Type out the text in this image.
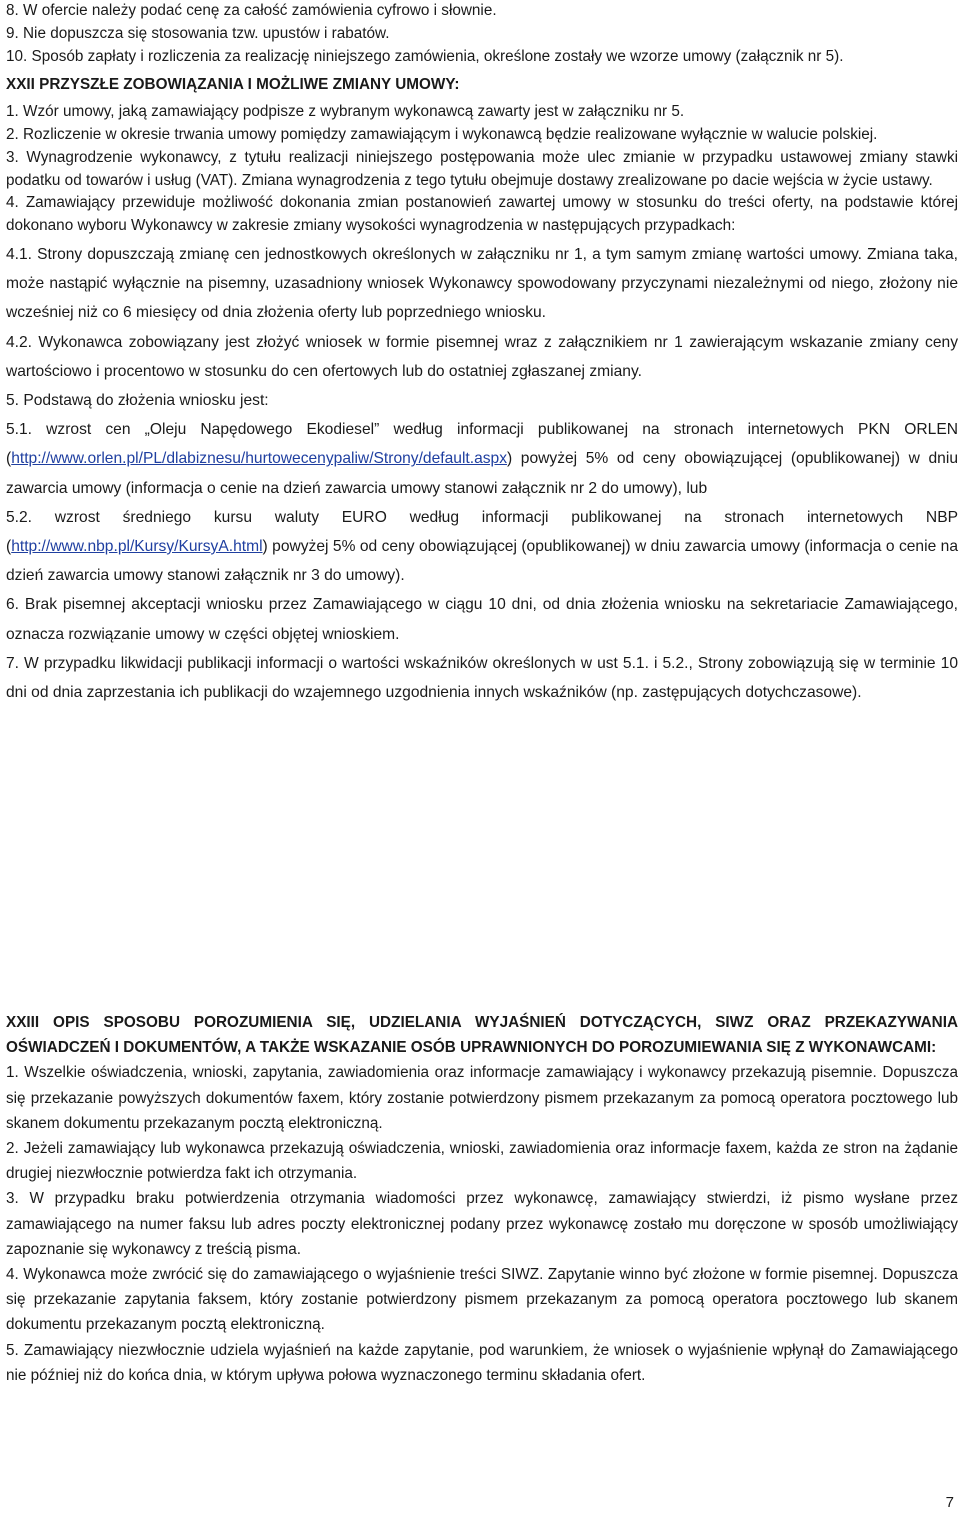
8. W ofercie należy podać cenę za całość zamówienia cyfrowo i słownie.

9. Nie dopuszcza się stosowania tzw. upustów i rabatów.

10. Sposób zapłaty i rozliczenia za realizację niniejszego zamówienia, określone zostały we wzorze umowy (załącznik nr 5).

XXII PRZYSZŁE ZOBOWIĄZANIA I MOŻLIWE ZMIANY UMOWY:

1. Wzór umowy, jaką zamawiający podpisze z wybranym wykonawcą zawarty jest w załączniku nr 5.

2. Rozliczenie w okresie trwania umowy pomiędzy zamawiającym i wykonawcą będzie realizowane wyłącznie w walucie polskiej.

3. Wynagrodzenie wykonawcy, z tytułu realizacji niniejszego postępowania może ulec zmianie w przypadku ustawowej zmiany stawki podatku od towarów i usług (VAT). Zmiana wynagrodzenia z tego tytułu obejmuje dostawy zrealizowane po dacie wejścia w życie ustawy.

4. Zamawiający przewiduje możliwość dokonania zmian postanowień zawartej umowy w stosunku do treści oferty, na podstawie której dokonano wyboru Wykonawcy w zakresie zmiany wysokości wynagrodzenia w następujących przypadkach:

4.1. Strony dopuszczają zmianę cen jednostkowych określonych w załączniku nr 1, a tym samym zmianę wartości umowy. Zmiana taka, może nastąpić wyłącznie na pisemny, uzasadniony wniosek Wykonawcy spowodowany przyczynami niezależnymi od niego, złożony nie wcześniej niż co 6 miesięcy od dnia złożenia oferty lub poprzedniego wniosku.

4.2. Wykonawca zobowiązany jest złożyć wniosek w formie pisemnej wraz z załącznikiem nr 1 zawierającym wskazanie zmiany ceny wartościowo i procentowo w stosunku do cen ofertowych lub do ostatniej zgłaszanej zmiany.

5. Podstawą do złożenia wniosku jest:

5.1. wzrost cen „Oleju Napędowego Ekodiesel” według informacji publikowanej na stronach internetowych PKN ORLEN (http://www.orlen.pl/PL/dlabiznesu/hurtowecenypaliw/Strony/default.aspx) powyżej 5% od ceny obowiązującej (opublikowanej) w dniu zawarcia umowy (informacja o cenie na dzień zawarcia umowy stanowi załącznik nr 2 do umowy), lub

5.2. wzrost średniego kursu waluty EURO według informacji publikowanej na stronach internetowych NBP (http://www.nbp.pl/Kursy/KursyA.html) powyżej 5% od ceny obowiązującej (opublikowanej) w dniu zawarcia umowy (informacja o cenie na dzień zawarcia umowy stanowi załącznik nr 3 do umowy).

6. Brak pisemnej akceptacji wniosku przez Zamawiającego w ciągu 10 dni, od dnia złożenia wniosku na sekretariacie Zamawiającego, oznacza rozwiązanie umowy w części objętej wnioskiem.

7. W przypadku likwidacji publikacji informacji o wartości wskaźników określonych w ust 5.1. i 5.2., Strony zobowiązują się w terminie 10 dni od dnia zaprzestania ich publikacji do wzajemnego uzgodnienia innych wskaźników (np. zastępujących dotychczasowe).

XXIII OPIS SPOSOBU POROZUMIENIA SIĘ, UDZIELANIA WYJAŚNIEŃ DOTYCZĄCYCH, SIWZ ORAZ PRZEKAZYWANIA OŚWIADCZEŃ I DOKUMENTÓW, A TAKŻE WSKAZANIE OSÓB UPRAWNIONYCH DO POROZUMIEWANIA SIĘ Z WYKONAWCAMI:

1. Wszelkie oświadczenia, wnioski, zapytania, zawiadomienia oraz informacje zamawiający i wykonawcy przekazują pisemnie. Dopuszcza się przekazanie powyższych dokumentów faxem, który zostanie potwierdzony pismem przekazanym za pomocą operatora pocztowego lub skanem dokumentu przekazanym pocztą elektroniczną.

2. Jeżeli zamawiający lub wykonawca przekazują oświadczenia, wnioski, zawiadomienia oraz informacje faxem, każda ze stron na żądanie drugiej niezwłocznie potwierdza fakt ich otrzymania.

3. W przypadku braku potwierdzenia otrzymania wiadomości przez wykonawcę, zamawiający stwierdzi, iż pismo wysłane przez zamawiającego na numer faksu lub adres poczty elektronicznej podany przez wykonawcę zostało mu doręczone w sposób umożliwiający zapoznanie się wykonawcy z treścią pisma.

4. Wykonawca może zwrócić się do zamawiającego o wyjaśnienie treści SIWZ. Zapytanie winno być złożone w formie pisemnej. Dopuszcza się przekazanie zapytania faksem, który zostanie potwierdzony pismem przekazanym za pomocą operatora pocztowego lub skanem dokumentu przekazanym pocztą elektroniczną.

5. Zamawiający niezwłocznie udziela wyjaśnień na każde zapytanie, pod warunkiem, że wniosek o wyjaśnienie wpłynął do Zamawiającego nie później niż do końca dnia, w którym upływa połowa wyznaczonego terminu składania ofert.

7
